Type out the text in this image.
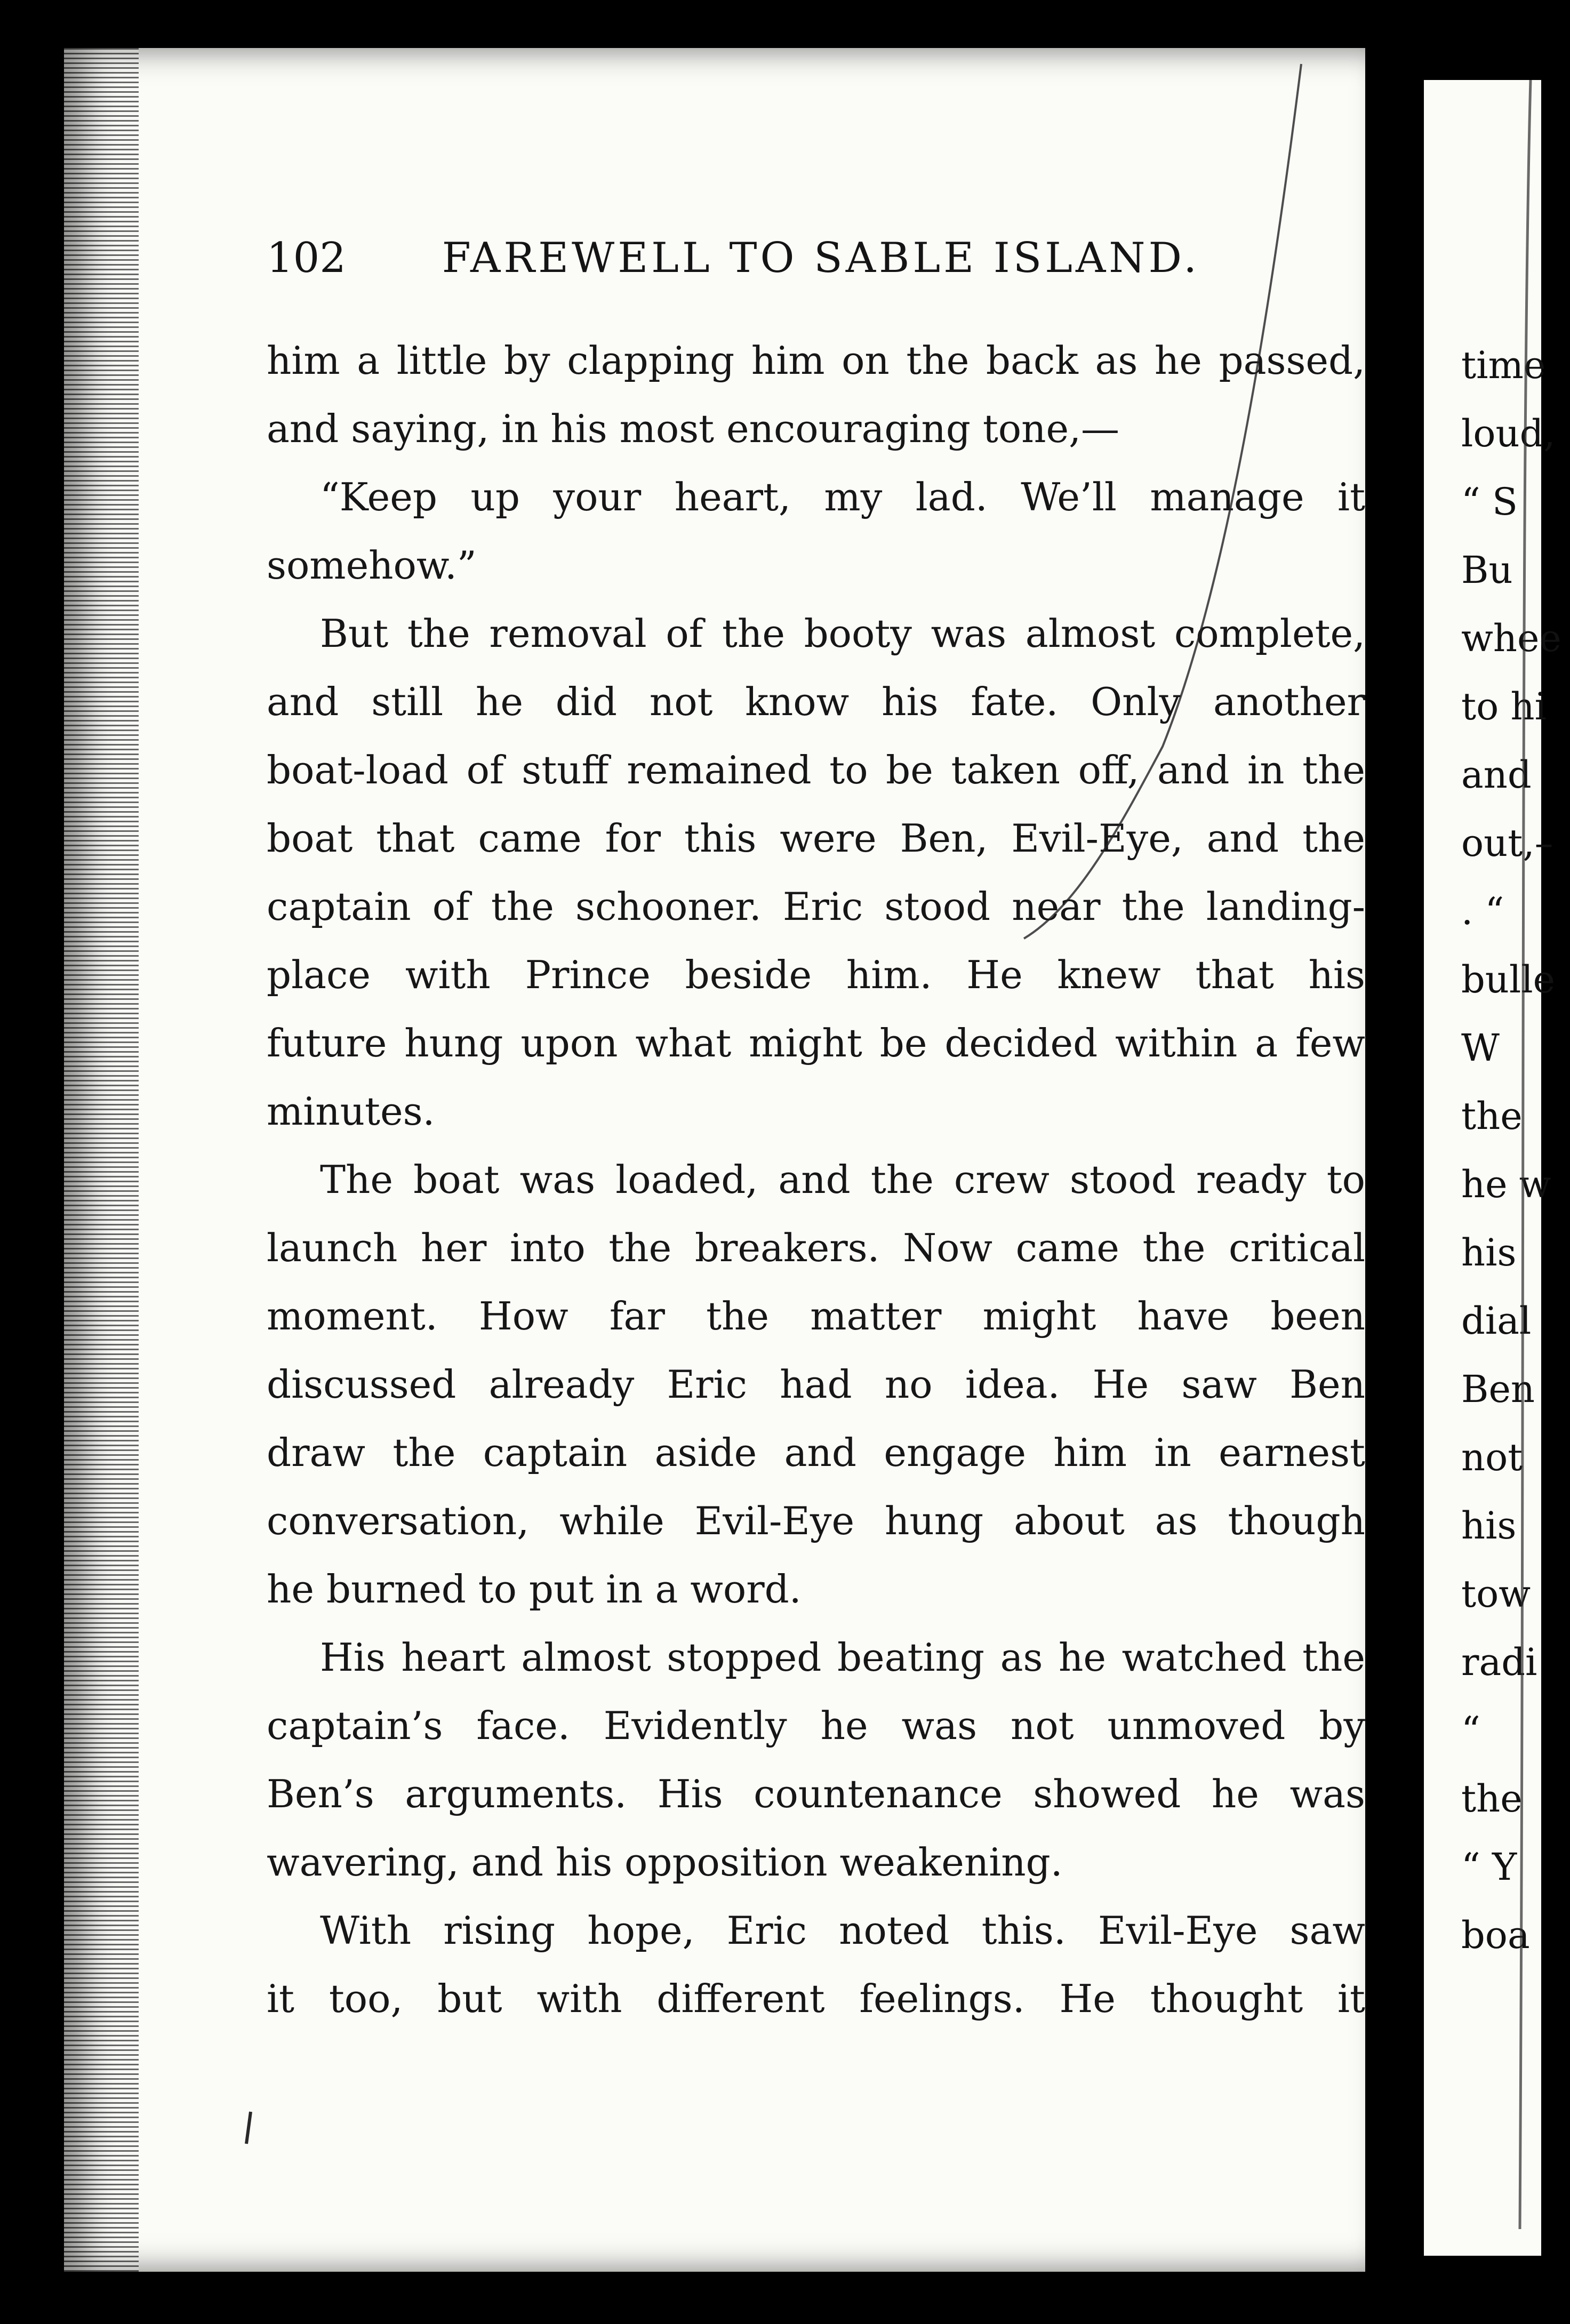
102 FAREWELL TO SABLE ISLAND.
him a little by clapping him on the back as he passed,
and saying, in his most encouraging tone,—
“Keep up your heart, my lad. We’ll manage it
somehow.”
But the removal of the booty was almost complete,
and still he did not know his fate. Only another
boat-load of stuff remained to be taken off, and in the
boat that came for this were Ben, Evil-Eye, and the
captain of the schooner. Eric stood near the landing-
place with Prince beside him. He knew that his
future hung upon what might be decided within a few
minutes.
The boat was loaded, and the crew stood ready to
launch her into the breakers. Now came the critical
moment. How far the matter might have been
discussed already Eric had no idea. He saw Ben
draw the captain aside and engage him in earnest
conversation, while Evil-Eye hung about as though
he burned to put in a word.
His heart almost stopped beating as he watched the
captain’s face. Evidently he was not unmoved by
Ben’s arguments. His countenance showed he was
wavering, and his opposition weakening.
With rising hope, Eric noted this. Evil-Eye saw
it too, but with different feelings. He thought it
time
loud,
“ S
Bu
whee
to hi
and
out,–
. “
bulle
W
the
he w
his
dial
Ben
not
his
tow
radi
“
the
“ Y
boa
